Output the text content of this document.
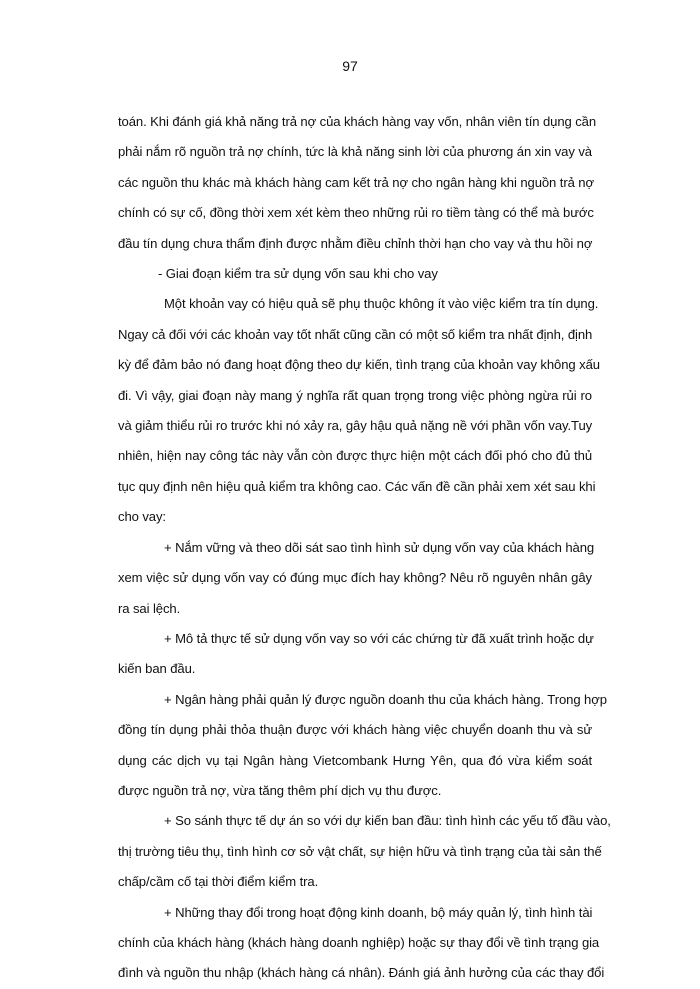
97
toán. Khi đánh giá khả năng trả nợ của khách hàng vay vốn, nhân viên tín dụng cần
phải nắm rõ nguồn trả nợ chính, tức là khả năng sinh lời của phương án xin vay và
các nguồn thu khác mà khách hàng cam kết trả nợ cho ngân hàng khi nguồn trả nợ
chính có sự cố, đồng thời xem xét kèm theo những rủi ro tiềm tàng có thể mà bước
đầu tín dụng chưa thẩm định được nhằm điều chỉnh thời hạn cho vay và thu hồi nợ
- Giai đoạn kiểm tra sử dụng vốn sau khi cho vay
Một khoản vay có hiệu quả sẽ phụ thuộc không ít vào việc kiểm tra tín dụng.
Ngay cả đối với các khoản vay tốt nhất cũng cần có một số kiểm tra nhất định, định
kỳ để đảm bảo nó đang hoạt động theo dự kiến, tình trạng của khoản vay không xấu
đi. Vì vậy, giai đoạn này mang ý nghĩa rất quan trọng trong việc phòng ngừa rủi ro
và giảm thiểu rủi ro trước khi nó xảy ra, gây hậu quả nặng nề với phần vốn vay.Tuy
nhiên, hiện nay công tác này vẫn còn được thực hiện một cách đối phó cho đủ thủ
tục quy định nên hiệu quả kiểm tra không cao. Các vấn đề cần phải xem xét sau khi
cho vay:
+ Nắm vững và theo dõi sát sao tình hình sử dụng vốn vay của khách hàng
xem việc sử dụng vốn vay có đúng mục đích hay không? Nêu rõ nguyên nhân gây
ra sai lệch.
+ Mô tả thực tế sử dụng vốn vay so với các chứng từ đã xuất trình hoặc dự
kiến ban đầu.
+ Ngân hàng phải quản lý được nguồn doanh thu của khách hàng. Trong hợp
đồng tín dụng phải thỏa thuận được với khách hàng việc chuyển doanh thu và sử
dụng các dịch vụ tại Ngân hàng Vietcombank Hưng Yên, qua đó vừa kiểm soát
được nguồn trả nợ, vừa tăng thêm phí dịch vụ thu được.
+ So sánh thực tế dự án so với dự kiến ban đầu: tình hình các yếu tố đầu vào,
thị trường tiêu thụ, tình hình cơ sở vật chất, sự hiện hữu và tình trạng của tài sản thế
chấp/cầm cố tại thời điểm kiểm tra.
+ Những thay đổi trong hoạt động kinh doanh, bộ máy quản lý, tình hình tài
chính của khách hàng (khách hàng doanh nghiệp) hoặc sự thay đổi về tình trạng gia
đình và nguồn thu nhập (khách hàng cá nhân). Đánh giá ảnh hưởng của các thay đổi
